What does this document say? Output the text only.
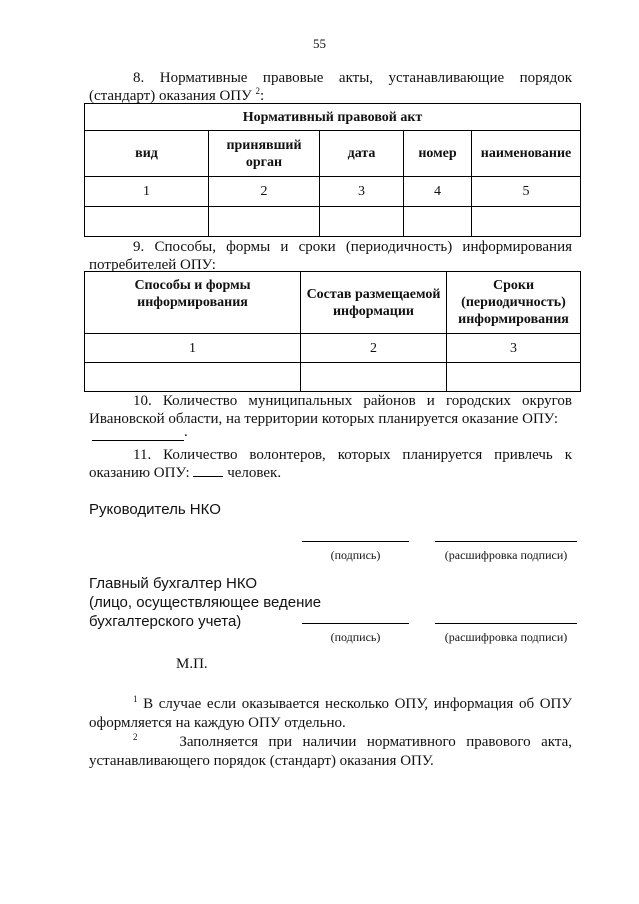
55
8. Нормативные правовые акты, устанавливающие порядок (стандарт) оказания ОПУ $^2$:
Нормативный правовой акт				
вид	принявший орган	дата	номер	наименование
1	2	3	4	5

9. Способы, формы и сроки (периодичность) информирования потребителей ОПУ:
Способы и формы информирования	Состав размещаемой информации	Сроки (периодичность) информирования
1	2	3

10. Количество муниципальных районов и городских округов Ивановской области, на территории которых планируется оказание ОПУ:
.
11. Количество волонтеров, которых планируется привлечь к оказанию ОПУ:	человек.
Руководитель НКО
(подпись)	(расшифровка подписи)
Главный бухгалтер НКО
(лицо, осуществляющее ведение
бухгалтерского учета)
(подпись)	(расшифровка подписи)
М.П.
$^1$ В случае если оказывается несколько ОПУ, информация об ОПУ оформляется на каждую ОПУ отдельно.
$^2$	Заполняется при наличии нормативного правового акта, устанавливающего порядок (стандарт) оказания ОПУ.
